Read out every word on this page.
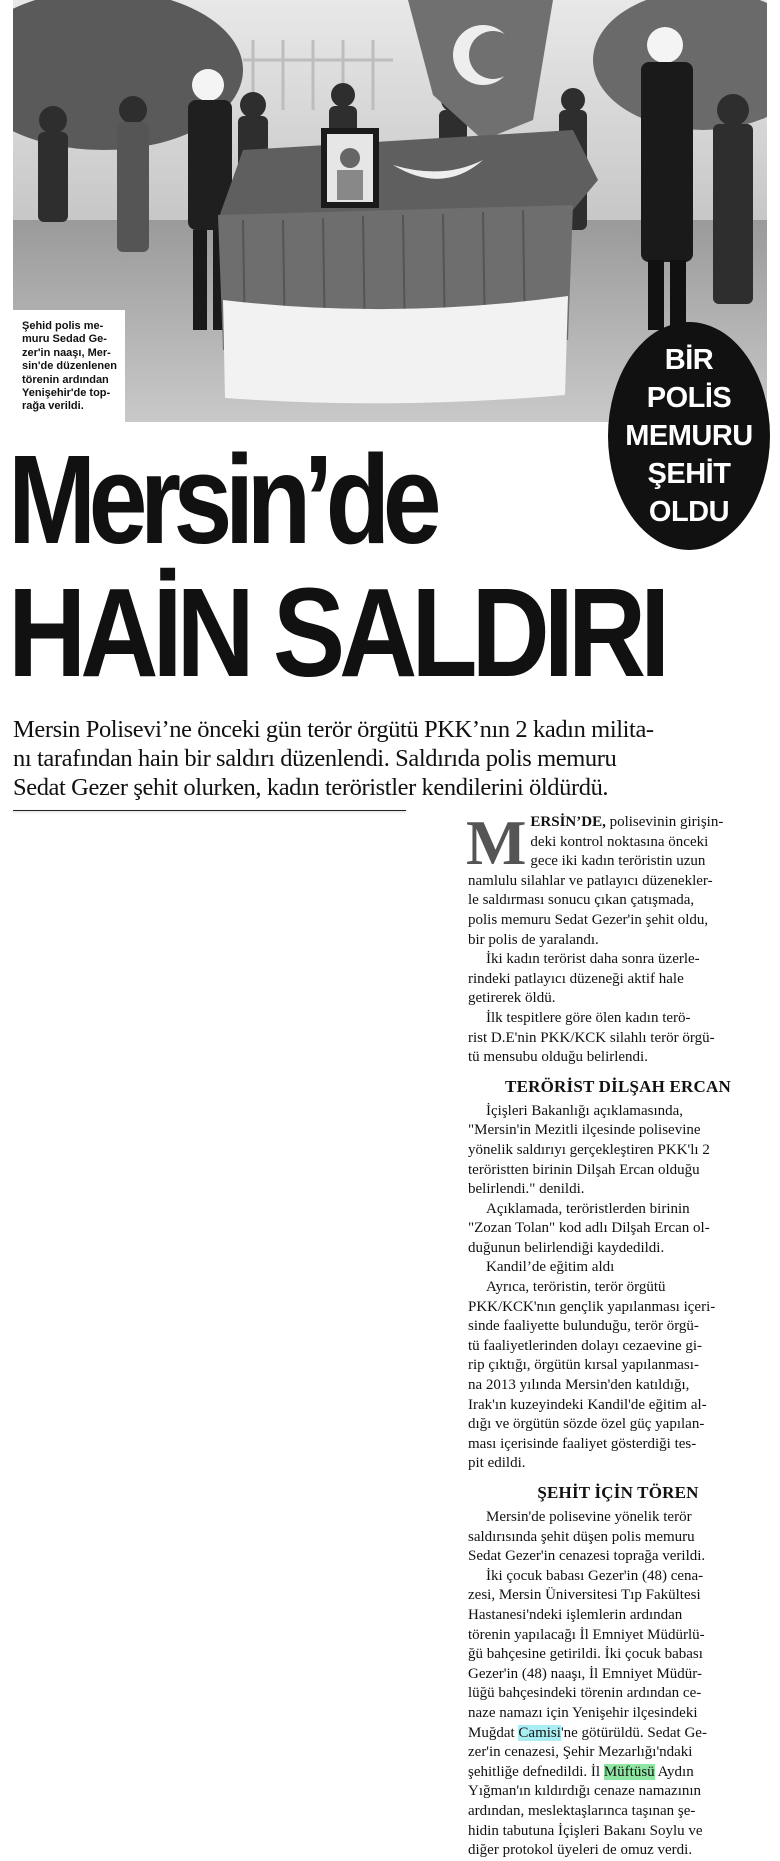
Şehid polis me-
muru Sedad Ge-
zer'in naaşı, Mer-
sin'de düzenlenen
törenin ardından
Yenişehir'de top-
rağa verildi.
BİR
POLİS
MEMURU
ŞEHİT
OLDU
Mersin’de
HAİN SALDIRI

Mersin Polisevi’ne önceki gün terör örgütü PKK’nın 2 kadın milita-
nı tarafından hain bir saldırı düzenlendi. Saldırıda polis memuru
Sedat Gezer şehit olurken, kadın teröristler kendilerini öldürdü.

M ERSİN’DE, polisevinin girişin-
deki kontrol noktasına önceki
gece iki kadın teröristin uzun
namlulu silahlar ve patlayıcı düzenekler-
le saldırması sonucu çıkan çatışmada,
polis memuru Sedat Gezer'in şehit oldu,
bir polis de yaralandı.
İki kadın terörist daha sonra üzerle-
rindeki patlayıcı düzeneği aktif hale
getirerek öldü.
İlk tespitlere göre ölen kadın terö-
rist D.E'nin PKK/KCK silahlı terör örgü-
tü mensubu olduğu belirlendi.
TERÖRİST DİLŞAH ERCAN
İçişleri Bakanlığı açıklamasında,
"Mersin'in Mezitli ilçesinde polisevine
yönelik saldırıyı gerçekleştiren PKK'lı 2
teröristten birinin Dilşah Ercan olduğu
belirlendi." denildi.
Açıklamada, teröristlerden birinin
"Zozan Tolan" kod adlı Dilşah Ercan ol-
duğunun belirlendiği kaydedildi.
Kandil’de eğitim aldı
Ayrıca, teröristin, terör örgütü
PKK/KCK'nın gençlik yapılanması içeri-
sinde faaliyette bulunduğu, terör örgü-
tü faaliyetlerinden dolayı cezaevine gi-
rip çıktığı, örgütün kırsal yapılanması-
na 2013 yılında Mersin'den katıldığı,
Irak'ın kuzeyindeki Kandil'de eğitim al-
dığı ve örgütün sözde özel güç yapılan-
ması içerisinde faaliyet gösterdiği tes-
pit edildi.
ŞEHİT İÇİN TÖREN
Mersin'de polisevine yönelik terör
saldırısında şehit düşen polis memuru
Sedat Gezer'in cenazesi toprağa verildi.
İki çocuk babası Gezer'in (48) cena-
zesi, Mersin Üniversitesi Tıp Fakültesi
Hastanesi'ndeki işlemlerin ardından
törenin yapılacağı İl Emniyet Müdürlü-
ğü bahçesine getirildi. İki çocuk babası
Gezer'in (48) naaşı, İl Emniyet Müdür-
lüğü bahçesindeki törenin ardından ce-
naze namazı için Yenişehir ilçesindeki
Muğdat Camisi'ne götürüldü. Sedat Ge-
zer'in cenazesi, Şehir Mezarlığı'ndaki
şehitliğe defnedildi. İl Müftüsü Aydın
Yığman'ın kıldırdığı cenaze namazının
ardından, meslektaşlarınca taşınan şe-
hidin tabutuna İçişleri Bakanı Soylu ve
diğer protokol üyeleri de omuz verdi.
